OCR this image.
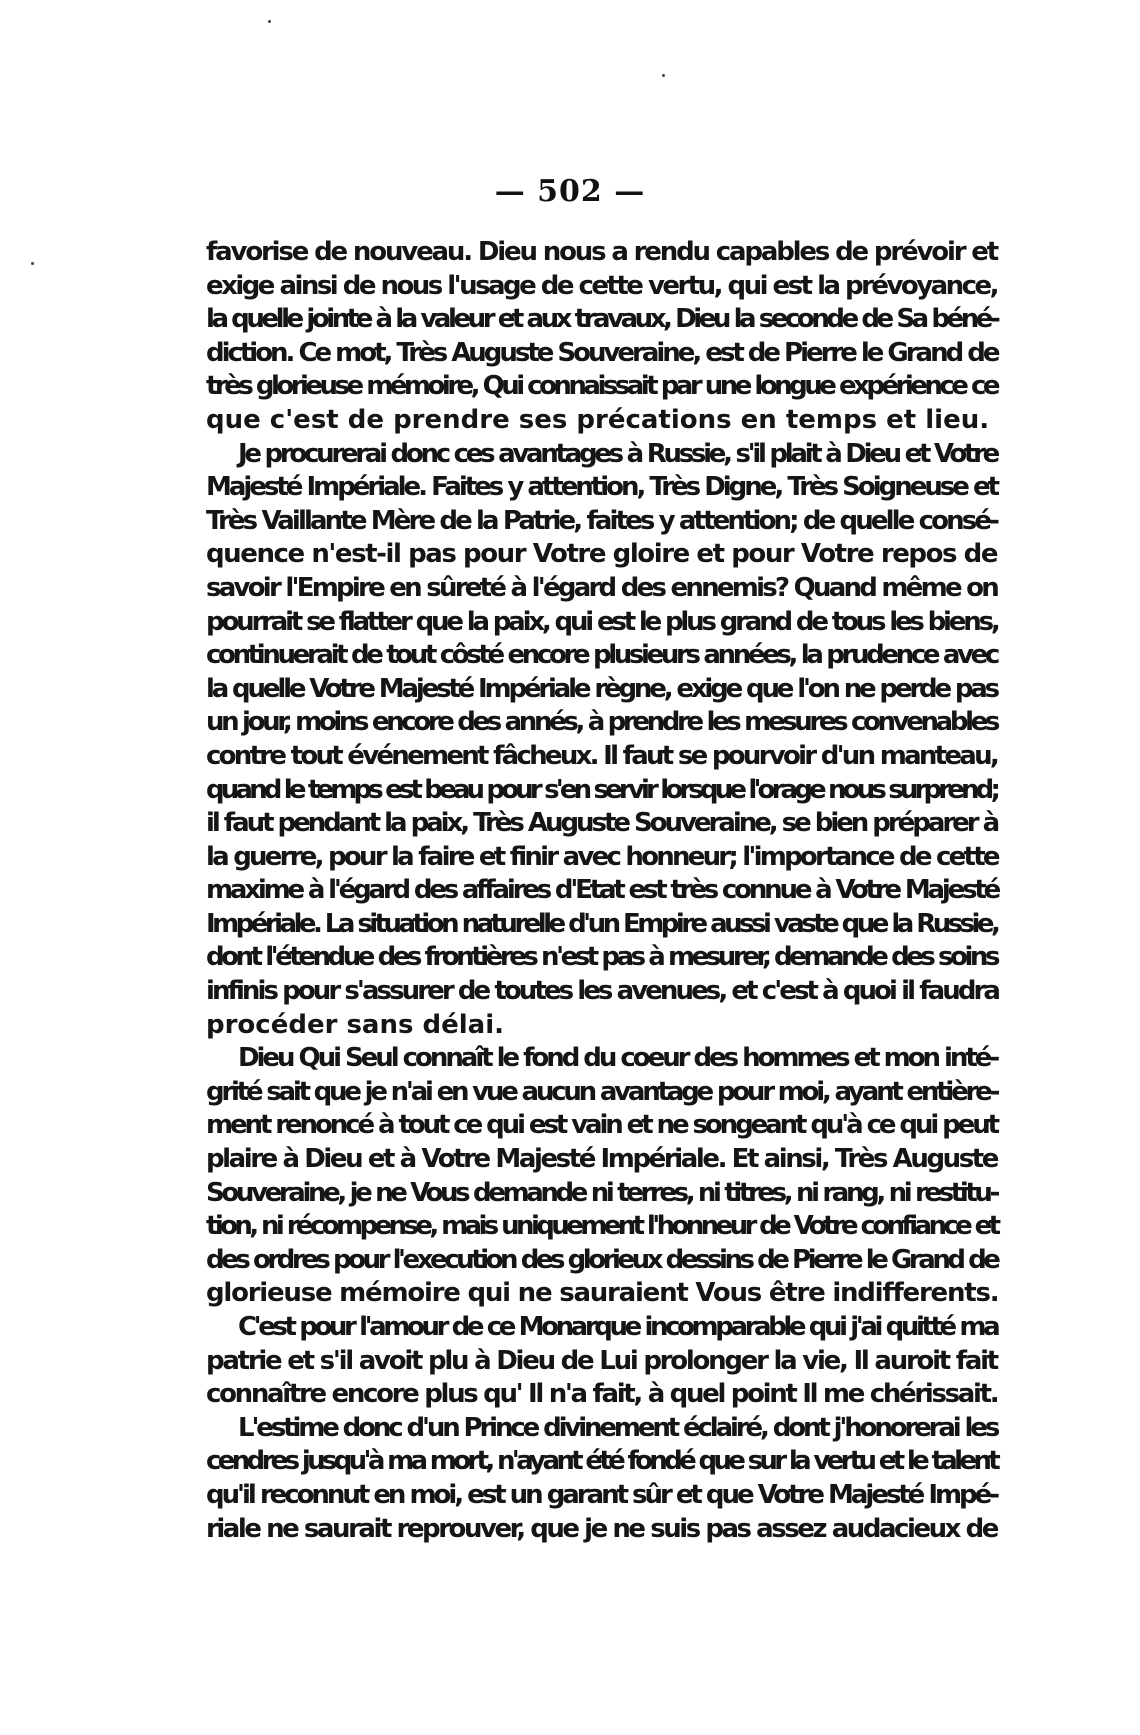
— 502 —
favorise de nouveau. Dieu nous a rendu capables de prévoir et
exige ainsi de nous l'usage de cette vertu, qui est la prévoyance,
la quelle jointe à la valeur et aux travaux, Dieu la seconde de Sa béné-
diction. Ce mot, Très Auguste Souveraine, est de Pierre le Grand de
très glorieuse mémoire, Qui connaissait par une longue expérience ce
que c'est de prendre ses précations en temps et lieu.
Je procurerai donc ces avantages à Russie, s'il plait à Dieu et Votre
Majesté Impériale. Faites y attention, Très Digne, Très Soigneuse et
Très Vaillante Mère de la Patrie, faites y attention; de quelle consé-
quence n'est-il pas pour Votre gloire et pour Votre repos de
savoir l'Empire en sûreté à l'égard des ennemis? Quand même on
pourrait se flatter que la paix, qui est le plus grand de tous les biens,
continuerait de tout côsté encore plusieurs années, la prudence avec
la quelle Votre Majesté Impériale règne, exige que l'on ne perde pas
un jour, moins encore des annés, à prendre les mesures convenables
contre tout événement fâcheux. Il faut se pourvoir d'un manteau,
quand le temps est beau pour s'en servir lorsque l'orage nous surprend;
il faut pendant la paix, Très Auguste Souveraine, se bien préparer à
la guerre, pour la faire et finir avec honneur; l'importance de cette
maxime à l'égard des affaires d'Etat est très connue à Votre Majesté
Impériale. La situation naturelle d'un Empire aussi vaste que la Russie,
dont l'étendue des frontières n'est pas à mesurer, demande des soins
infinis pour s'assurer de toutes les avenues, et c'est à quoi il faudra
procéder sans délai.
Dieu Qui Seul connaît le fond du coeur des hommes et mon inté-
grité sait que je n'ai en vue aucun avantage pour moi, ayant entière-
ment renoncé à tout ce qui est vain et ne songeant qu'à ce qui peut
plaire à Dieu et à Votre Majesté Impériale. Et ainsi, Très Auguste
Souveraine, je ne Vous demande ni terres, ni titres, ni rang, ni restitu-
tion, ni récompense, mais uniquement l'honneur de Votre confiance et
des ordres pour l'execution des glorieux dessins de Pierre le Grand de
glorieuse mémoire qui ne sauraient Vous être indifferents.
C'est pour l'amour de ce Monarque incomparable qui j'ai quitté ma
patrie et s'il avoit plu à Dieu de Lui prolonger la vie, Il auroit fait
connaître encore plus qu' Il n'a fait, à quel point Il me chérissait.
L'estime donc d'un Prince divinement éclairé, dont j'honorerai les
cendres jusqu'à ma mort, n'ayant été fondé que sur la vertu et le talent
qu'il reconnut en moi, est un garant sûr et que Votre Majesté Impé-
riale ne saurait reprouver, que je ne suis pas assez audacieux de
